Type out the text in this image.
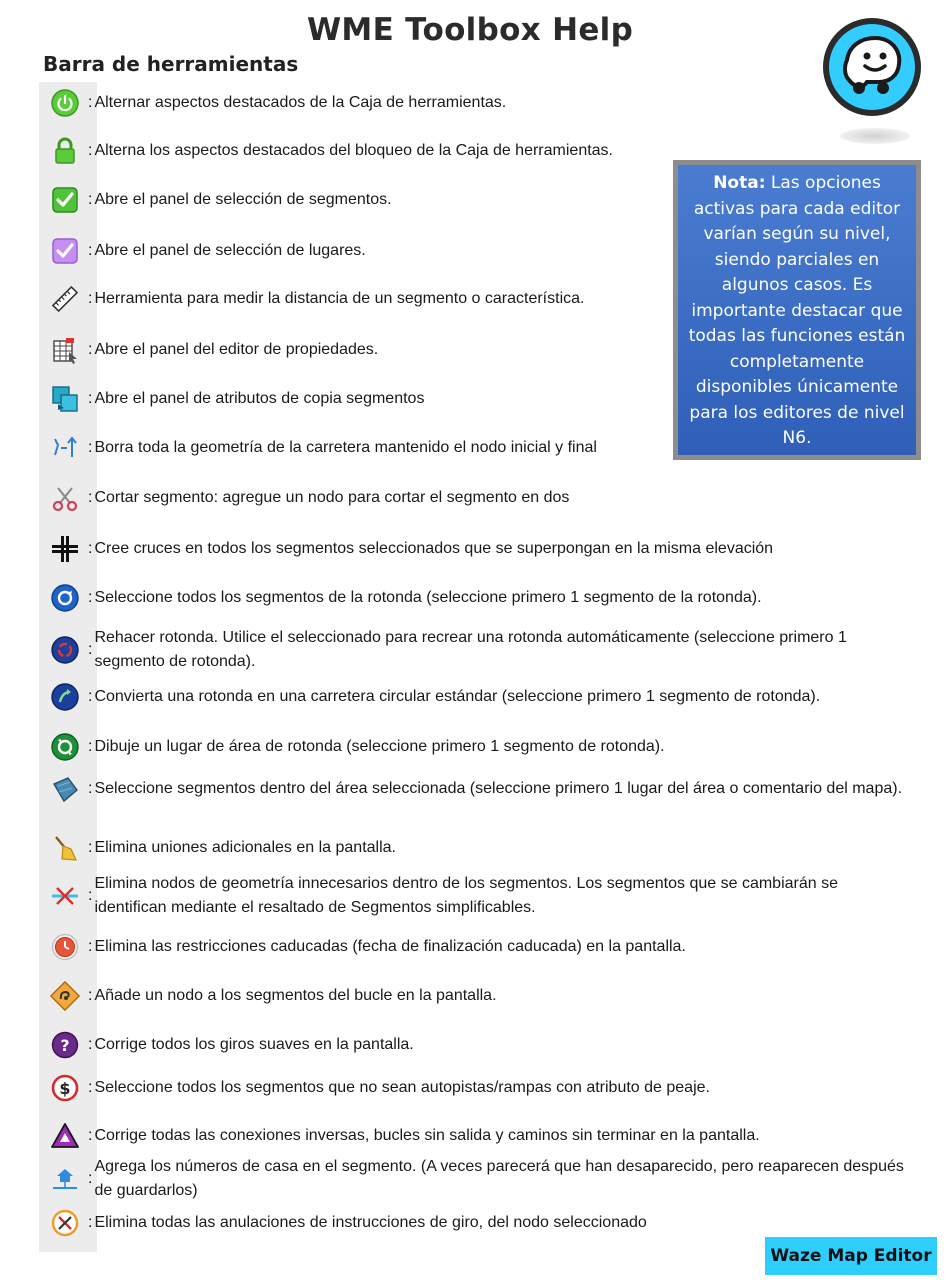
WME Toolbox Help
Barra de herramientas
Nota: Las opciones activas para cada editor varían según su nivel, siendo parciales en algunos casos. Es importante destacar que todas las funciones están completamente disponibles únicamente para los editores de nivel N6.
: Alternar aspectos destacados de la Caja de herramientas.
: Alterna los aspectos destacados del bloqueo de la Caja de herramientas.
: Abre el panel de selección de segmentos.
: Abre el panel de selección de lugares.
: Herramienta para medir la distancia de un segmento o característica.
: Abre el panel del editor de propiedades.
: Abre el panel de atributos de copia segmentos
: Borra toda la geometría de la carretera mantenido el nodo inicial y final
: Cortar segmento: agregue un nodo para cortar el segmento en dos
: Cree cruces en todos los segmentos seleccionados que se superpongan en la misma elevación
: Seleccione todos los segmentos de la rotonda (seleccione primero 1 segmento de la rotonda).
:
Rehacer rotonda. Utilice el seleccionado para recrear una rotonda automáticamente (seleccione primero 1 segmento de rotonda).
: Convierta una rotonda en una carretera circular estándar (seleccione primero 1 segmento de rotonda).
: Dibuje un lugar de área de rotonda (seleccione primero 1 segmento de rotonda).
: Seleccione segmentos dentro del área seleccionada (seleccione primero 1 lugar del área o comentario del mapa).
: Elimina uniones adicionales en la pantalla.
:
Elimina nodos de geometría innecesarios dentro de los segmentos. Los segmentos que se cambiarán se identifican mediante el resaltado de Segmentos simplificables.
: Elimina las restricciones caducadas (fecha de finalización caducada) en la pantalla.
: Añade un nodo a los segmentos del bucle en la pantalla.
? : Corrige todos los giros suaves en la pantalla.
$ : Seleccione todos los segmentos que no sean autopistas/rampas con atributo de peaje.
: Corrige todas las conexiones inversas, bucles sin salida y caminos sin terminar en la pantalla.
:
Agrega los números de casa en el segmento. (A veces parecerá que han desaparecido, pero reaparecen después de guardarlos)
: Elimina todas las anulaciones de instrucciones de giro, del nodo seleccionado
Waze Map Editor
